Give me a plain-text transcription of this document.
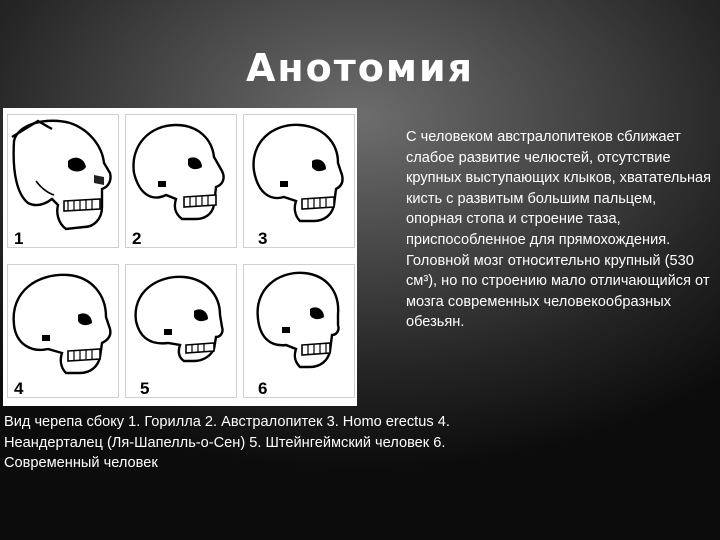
Анотомия
1	2	3
4	5	6
С человеком австралопитеков сближает слабое развитие челюстей, отсутствие крупных выступающих клыков, хватательная кисть с развитым большим пальцем, опорная стопа и строение таза, приспособленное для прямохождения. Головной мозг относительно крупный (530 см³), но по строению мало отличающийся от мозга современных человекообразных обезьян.
Вид черепа сбоку 1. Горилла 2. Австралопитек 3. Homo erectus 4. Неандерталец (Ля-Шапелль-о-Сен) 5. Штейнгеймский человек 6. Современный человек
